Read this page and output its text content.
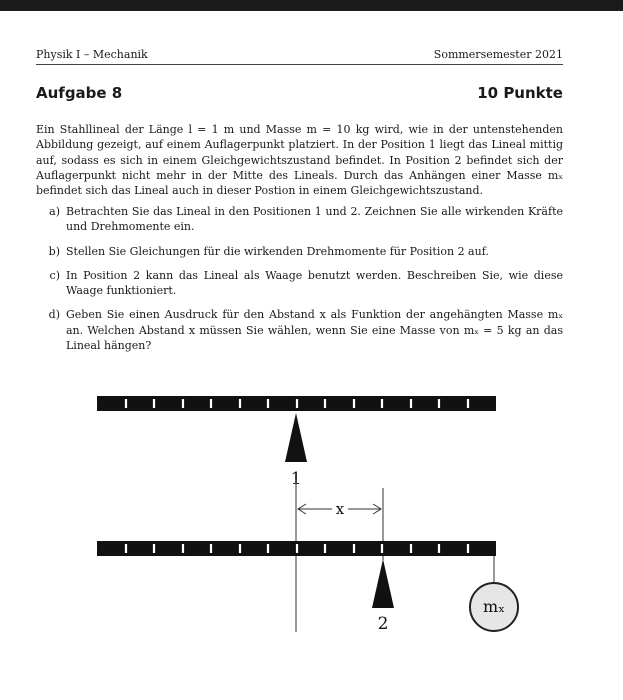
Physik I – Mechanik	Sommersemester 2021
Aufgabe 8	10 Punkte

Ein Stahllineal der Länge l = 1 m und Masse m = 10 kg wird, wie in der untenstehenden Abbildung gezeigt, auf einem Auflagerpunkt platziert. In der Position 1 liegt das Lineal mittig auf, sodass es sich in einem Gleichgewichtszustand befindet. In Position 2 befindet sich der Auflagerpunkt nicht mehr in der Mitte des Lineals. Durch das Anhängen einer Masse mₓ befindet sich das Lineal auch in dieser Postion in einem Gleichgewichtszustand.

a) Betrachten Sie das Lineal in den Positionen 1 und 2. Zeichnen Sie alle wirkenden Kräfte und Drehmomente ein.
b) Stellen Sie Gleichungen für die wirkenden Drehmomente für Position 2 auf.
c) In Position 2 kann das Lineal als Waage benutzt werden. Beschreiben Sie, wie diese Waage funktioniert.
d) Geben Sie einen Ausdruck für den Abstand x als Funktion der angehängten Masse mₓ an. Welchen Abstand x müssen Sie wählen, wenn Sie eine Masse von mₓ = 5 kg an das Lineal hängen?
1
x
2
mₓ
